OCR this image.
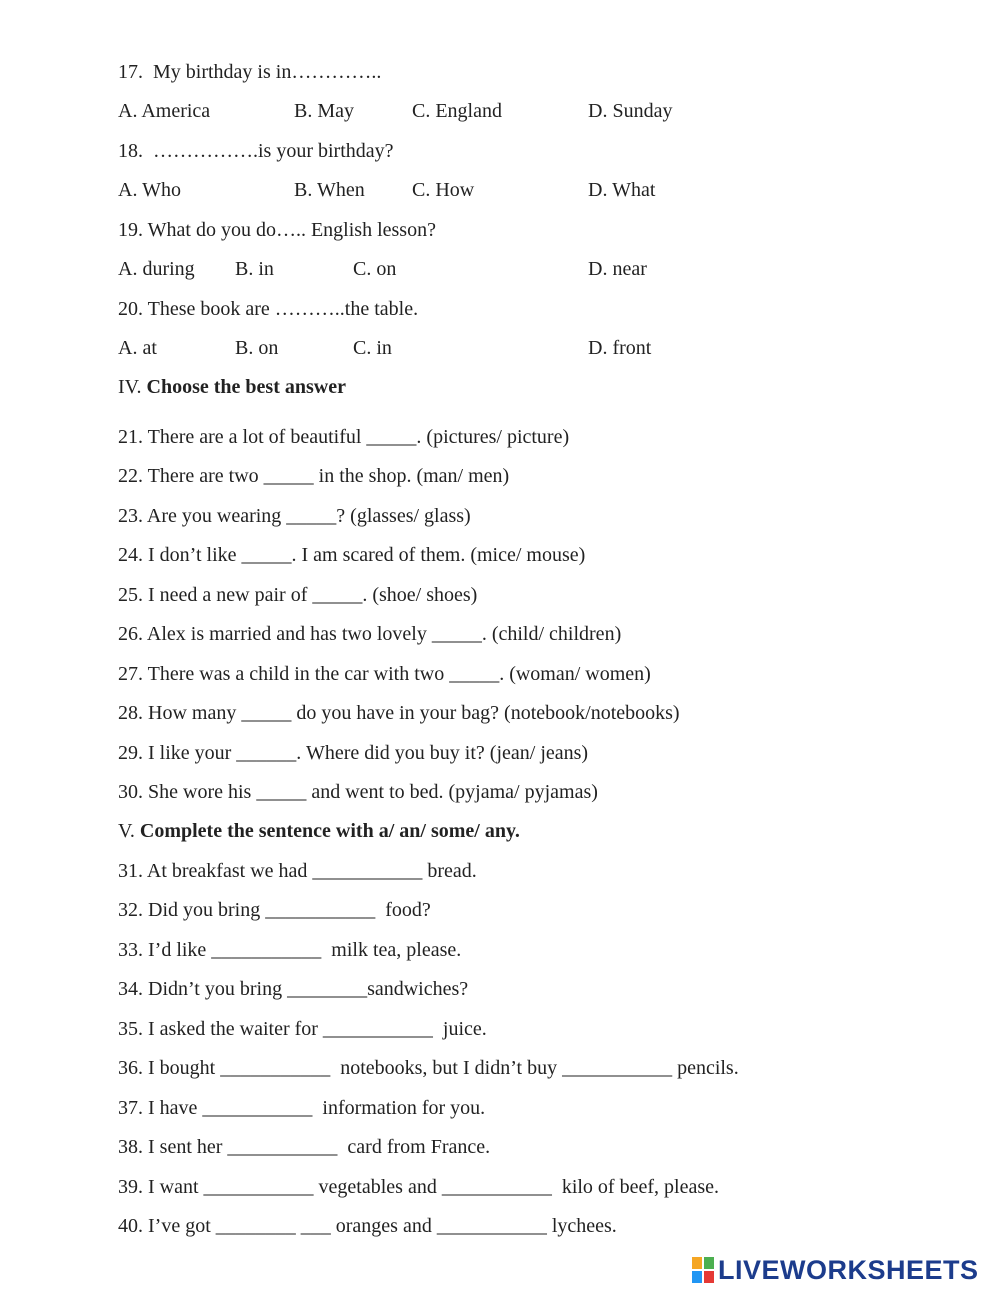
17.  My birthday is in…………..
A. America	B. May	C. England	D. Sunday
18.  …………….is your birthday?
A. Who	B. When C. How	D. What
19. What do you do….. English lesson?
A. during B. in	C. on	D. near
20. These book are ………..the table.
A. at	B. on	C. in	D. front
IV. Choose the best answer
21. There are a lot of beautiful _____. (pictures/ picture)
22. There are two _____ in the shop. (man/ men)
23. Are you wearing _____? (glasses/ glass)
24. I don’t like _____. I am scared of them. (mice/ mouse)
25. I need a new pair of _____. (shoe/ shoes)
26. Alex is married and has two lovely _____. (child/ children)
27. There was a child in the car with two _____. (woman/ women)
28. How many _____ do you have in your bag? (notebook/notebooks)
29. I like your ______. Where did you buy it? (jean/ jeans)
30. She wore his _____ and went to bed. (pyjama/ pyjamas)
V. Complete the sentence with a/ an/ some/ any.
31. At breakfast we had ___________ bread.
32. Did you bring ___________  food?
33. I’d like ___________  milk tea, please.
34. Didn’t you bring ________sandwiches?
35. I asked the waiter for ___________  juice.
36. I bought ___________  notebooks, but I didn’t buy ___________ pencils.
37. I have ___________  information for you.
38. I sent her ___________  card from France.
39. I want ___________ vegetables and ___________  kilo of beef, please.
40. I’ve got ________ ___ oranges and ___________ lychees.
LIVEWORKSHEETS
